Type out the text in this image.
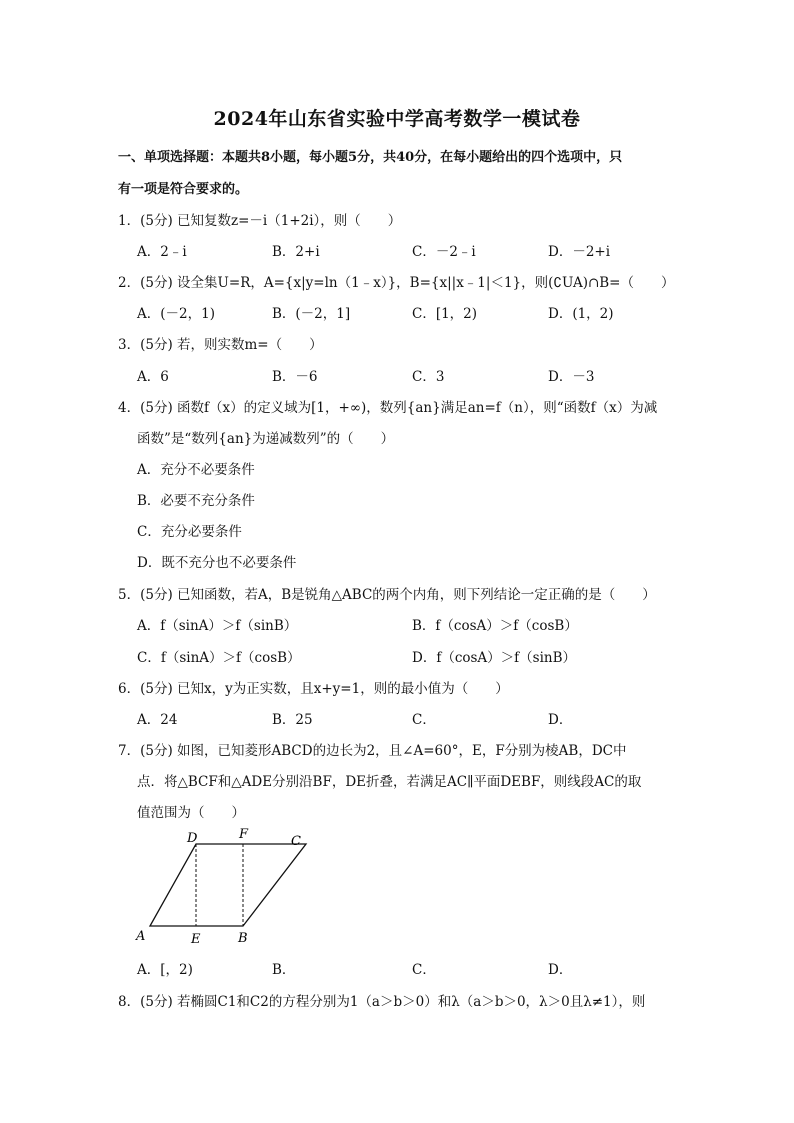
2024年山东省实验中学高考数学一模试卷
一、单项选择题：本题共8小题，每小题5分，共40分，在每小题给出的四个选项中，只
有一项是符合要求的。
1．(5分) 已知复数z=－i（1+2i），则（　　）
A．2﹣i	B．2+i	C．－2﹣i	D．－2+i
2．(5分) 设全集U=R，A={x|y=ln（1﹣x）}，B={x||x﹣1|＜1}，则(∁UA)∩B=（　　）
A．(－2，1)	B．(－2，1]	C．[1，2)	D．(1，2)
3．(5分) 若，则实数m=（　　）
A．6	B．－6	C．3	D．－3
4．(5分) 函数f（x）的定义域为[1，+∞)，数列{an}满足an=f（n），则“函数f（x）为减
函数”是“数列{an}为递减数列”的（　　）
A．充分不必要条件
B．必要不充分条件
C．充分必要条件
D．既不充分也不必要条件
5．(5分) 已知函数，若A，B是锐角△ABC的两个内角，则下列结论一定正确的是（　　）
A．f（sinA）＞f（sinB）	B．f（cosA）＞f（cosB）
C．f（sinA）＞f（cosB）	D．f（cosA）＞f（sinB）
6．(5分) 已知x，y为正实数，且x+y=1，则的最小值为（　　）
A．24	B．25	C．	D．
7．(5分) 如图，已知菱形ABCD的边长为2，且∠A=60°，E，F分别为棱AB，DC中
点．将△BCF和△ADE分别沿BF，DE折叠，若满足AC∥平面DEBF，则线段AC的取
值范围为（　　）
A	B
C
D
E
F
A．[，2)	B．	C．	D．
8．(5分) 若椭圆C1和C2的方程分别为1（a＞b＞0）和λ（a＞b＞0，λ＞0且λ≠1），则
